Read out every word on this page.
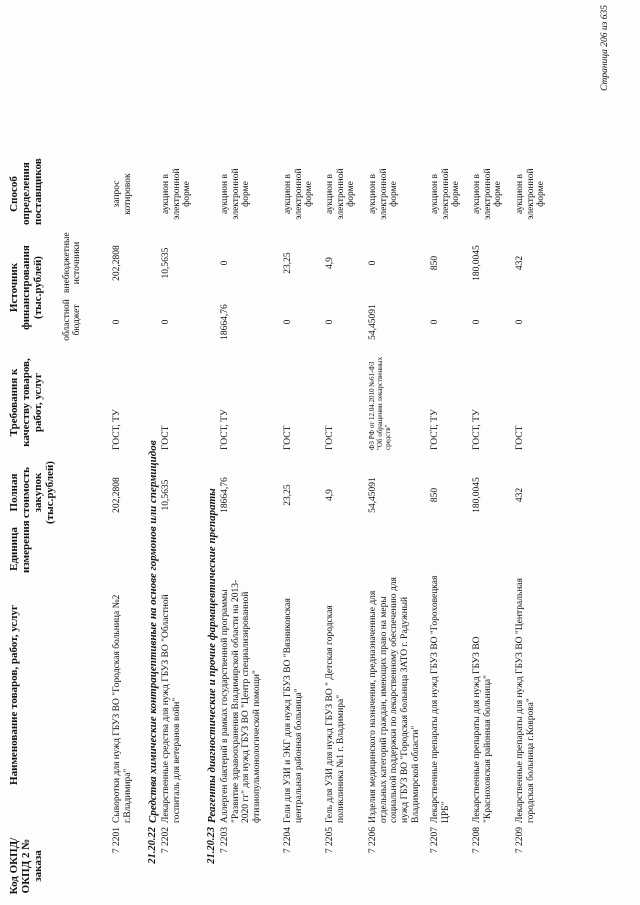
Код ОКПД/ ОКПД 2 № заказа
Наименование товаров, работ, услуг
Единица измерения
Полная стоимость закупок (тыс.рублей)
Требования к качеству товаров, работ, услуг
Источник финансирования (тыс.рублей)
областной бюджет
внебюджетные источники
Способ определения поставщиков
7 2201
Сыворотки для нужд ГБУЗ ВО "Городская больница №2 г.Владимира"
202,2808
ГОСТ, ТУ
0
202,2808
запрос котировок
21.20.22
Средства химические контрацептивные на основе гормонов или спермицидов
7 2202
Лекарственные средства для нужд ГБУЗ ВО "Областной госпиталь для ветеранов войн"
10,5635
ГОСТ
0
10,5635
аукцион в электронной форме
21.20.23
Реагенты диагностические и прочие фармацевтические препараты
7 2203
Аллерген бактерий в рамках государственной программы "Развитие здравоохранения Владимирской области на 2013-2020 гг" для нужд ГБУЗ ВО "Центр специализированной фтизиопульмонологической помощи"
18664,76
ГОСТ, ТУ
18664,76
0
аукцион в электронной форме
7 2204
Гели для УЗИ и ЭКГ для нужд ГБУЗ ВО "Вязниковская центральная районная больница"
23,25
ГОСТ
0
23,25
аукцион в электронной форме
7 2205
Гель для УЗИ для нужд ГБУЗ ВО " Детская городская поликлиника №1 г. Владимира"
4,9
ГОСТ
0
4,9
аукцион в электронной форме
7 2206
Изделия медицинского назначения, предназначенные для отдельных категорий граждан, имеющих право на меры социальной поддержки по лекарственному обеспечению для нужд ГБУЗ ВО "Городская больница ЗАТО г. Радужный Владимирской области"
54,45091
ФЗ РФ от 12.04.2010 №61-ФЗ "Об обращении лекарственных средств"
54,45091
0
аукцион в электронной форме
7 2207
Лекарственные препараты для нужд ГБУЗ ВО "Гороховецкая ЦРБ"
850
ГОСТ, ТУ
0
850
аукцион в электронной форме
7 2208
Лекарственные препараты для нужд ГБУЗ ВО "Красноховская районная больница"
180,0045
ГОСТ, ТУ
0
180,0045
аукцион в электронной форме
7 2209
Лекарственные препараты для нужд ГБУЗ ВО "Центральная городская больница г.Коврова"
432
ГОСТ
0
432
аукцион в электронной форме
Страница 206 из 635
